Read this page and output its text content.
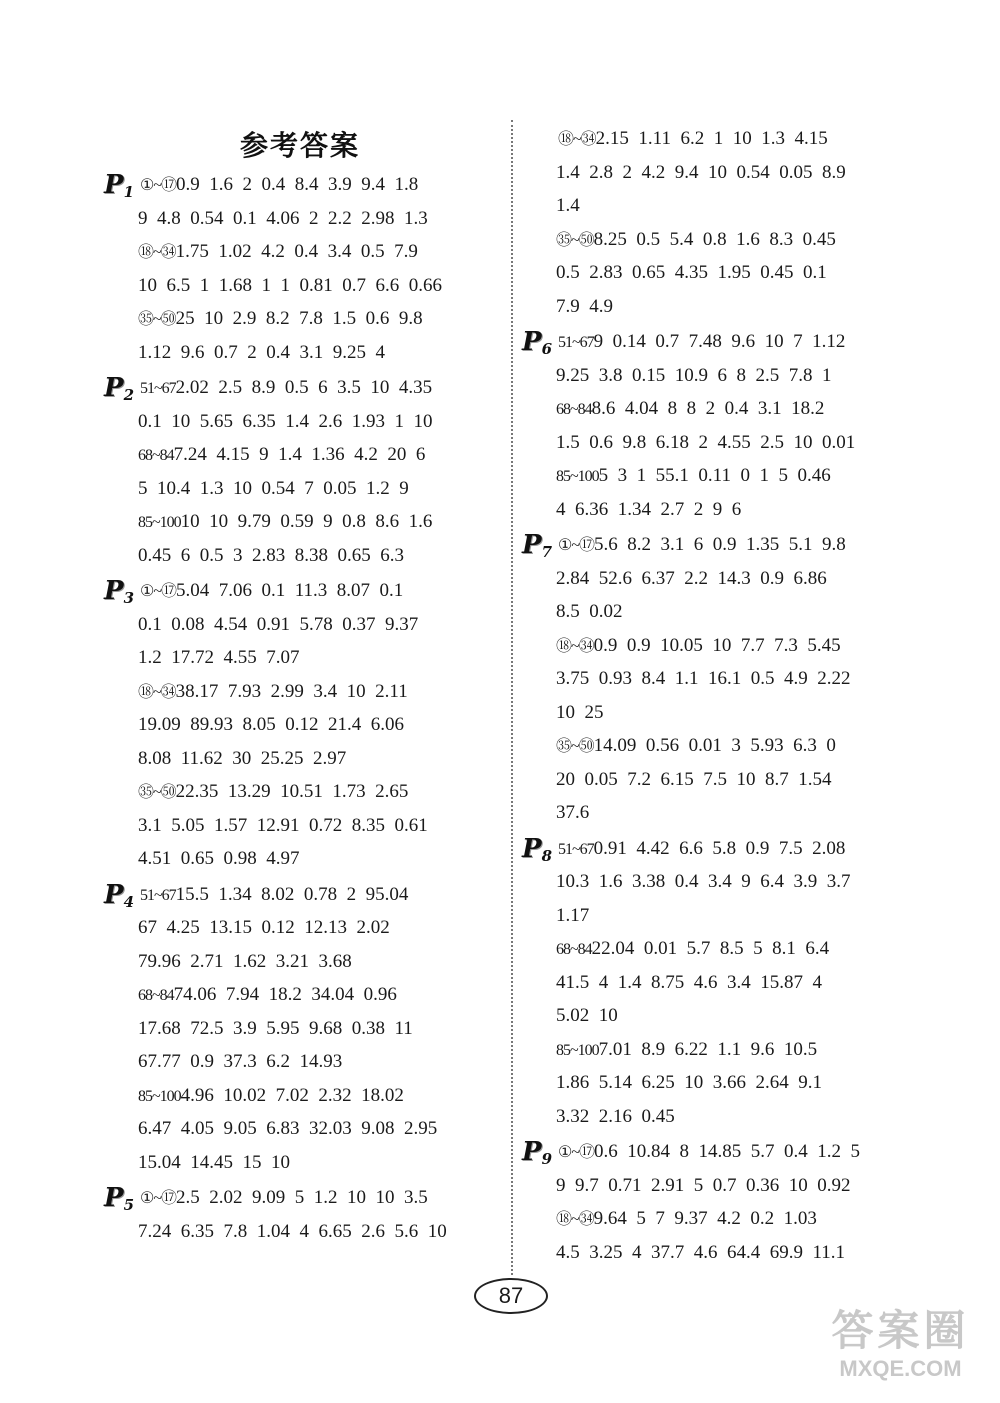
参考答案
P1 ①~⑰0.9  1.6  2  0.4  8.4  3.9  9.4  1.8
9  4.8  0.54  0.1  4.06  2  2.2  2.98  1.3
⑱~㉞1.75  1.02  4.2  0.4  3.4  0.5  7.9
10  6.5  1  1.68  1  1  0.81  0.7  6.6  0.66
㉟~㊿25  10  2.9  8.2  7.8  1.5  0.6  9.8
1.12  9.6  0.7  2  0.4  3.1  9.25  4
P2 51~672.02  2.5  8.9  0.5  6  3.5  10  4.35
0.1  10  5.65  6.35  1.4  2.6  1.93  1  10
68~847.24  4.15  9  1.4  1.36  4.2  20  6
5  10.4  1.3  10  0.54  7  0.05  1.2  9
85~10010  10  9.79  0.59  9  0.8  8.6  1.6
0.45  6  0.5  3  2.83  8.38  0.65  6.3
P3 ①~⑰5.04  7.06  0.1  11.3  8.07  0.1
0.1  0.08  4.54  0.91  5.78  0.37  9.37
1.2  17.72  4.55  7.07
⑱~㉞38.17  7.93  2.99  3.4  10  2.11
19.09  89.93  8.05  0.12  21.4  6.06
8.08  11.62  30  25.25  2.97
㉟~㊿22.35  13.29  10.51  1.73  2.65
3.1  5.05  1.57  12.91  0.72  8.35  0.61
4.51  0.65  0.98  4.97
P4 51~6715.5  1.34  8.02  0.78  2  95.04
67  4.25  13.15  0.12  12.13  2.02
79.96  2.71  1.62  3.21  3.68
68~8474.06  7.94  18.2  34.04  0.96
17.68  72.5  3.9  5.95  9.68  0.38  11
67.77  0.9  37.3  6.2  14.93
85~1004.96  10.02  7.02  2.32  18.02
6.47  4.05  9.05  6.83  32.03  9.08  2.95
15.04  14.45  15  10
P5 ①~⑰2.5  2.02  9.09  5  1.2  10  10  3.5
7.24  6.35  7.8  1.04  4  6.65  2.6  5.6  10
⑱~㉞2.15  1.11  6.2  1  10  1.3  4.15
1.4  2.8  2  4.2  9.4  10  0.54  0.05  8.9
1.4
㉟~㊿8.25  0.5  5.4  0.8  1.6  8.3  0.45
0.5  2.83  0.65  4.35  1.95  0.45  0.1
7.9  4.9
P6 51~679  0.14  0.7  7.48  9.6  10  7  1.12
9.25  3.8  0.15  10.9  6  8  2.5  7.8  1
68~848.6  4.04  8  8  2  0.4  3.1  18.2
1.5  0.6  9.8  6.18  2  4.55  2.5  10  0.01
85~1005  3  1  55.1  0.11  0  1  5  0.46
4  6.36  1.34  2.7  2  9  6
P7 ①~⑰5.6  8.2  3.1  6  0.9  1.35  5.1  9.8
2.84  52.6  6.37  2.2  14.3  0.9  6.86
8.5  0.02
⑱~㉞0.9  0.9  10.05  10  7.7  7.3  5.45
3.75  0.93  8.4  1.1  16.1  0.5  4.9  2.22
10  25
㉟~㊿14.09  0.56  0.01  3  5.93  6.3  0
20  0.05  7.2  6.15  7.5  10  8.7  1.54
37.6
P8 51~670.91  4.42  6.6  5.8  0.9  7.5  2.08
10.3  1.6  3.38  0.4  3.4  9  6.4  3.9  3.7
1.17
68~8422.04  0.01  5.7  8.5  5  8.1  6.4
41.5  4  1.4  8.75  4.6  3.4  15.87  4
5.02  10
85~1007.01  8.9  6.22  1.1  9.6  10.5
1.86  5.14  6.25  10  3.66  2.64  9.1
3.32  2.16  0.45
P9 ①~⑰0.6  10.84  8  14.85  5.7  0.4  1.2  5
9  9.7  0.71  2.91  5  0.7  0.36  10  0.92
⑱~㉞9.64  5  7  9.37  4.2  0.2  1.03
4.5  3.25  4  37.7  4.6  64.4  69.9  11.1
87
答案圈
MXQE.COM
